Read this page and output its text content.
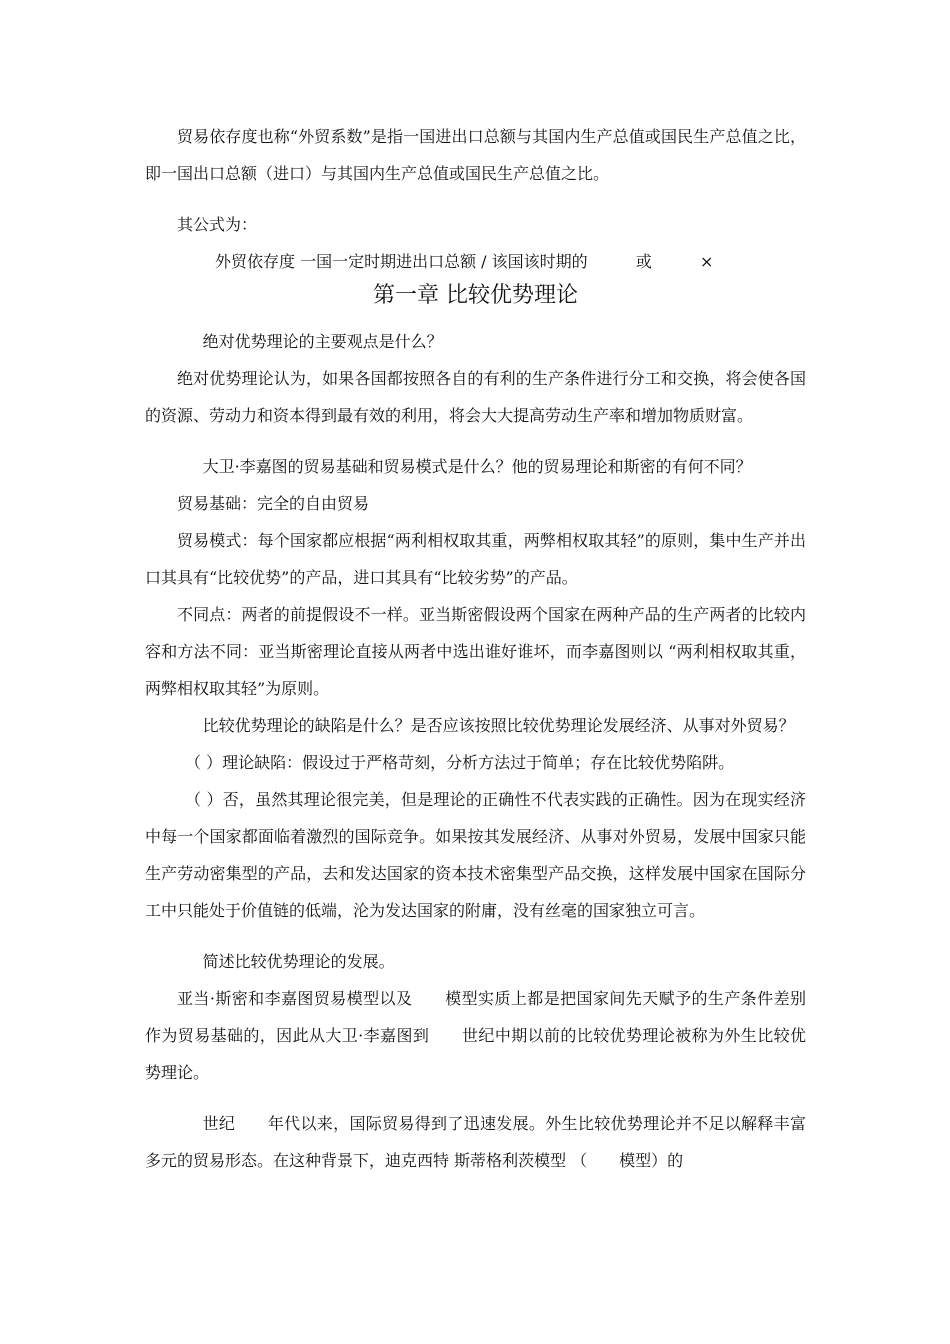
贸易依存度也称“外贸系数”是指一国进出口总额与其国内生产总值或国民生产总值之比，即一国出口总额（进口）与其国内生产总值或国民生产总值之比。

其公式为：

外贸依存度 一国一定时期进出口总额 / 该国该时期的	或	×

第一章 比较优势理论

绝对优势理论的主要观点是什么？

绝对优势理论认为，如果各国都按照各自的有利的生产条件进行分工和交换，将会使各国的资源、劳动力和资本得到最有效的利用，将会大大提高劳动生产率和增加物质财富。

大卫·李嘉图的贸易基础和贸易模式是什么？他的贸易理论和斯密的有何不同？

贸易基础：完全的自由贸易

贸易模式：每个国家都应根据“两利相权取其重，两弊相权取其轻”的原则，集中生产并出口其具有“比较优势”的产品，进口其具有“比较劣势”的产品。

不同点：两者的前提假设不一样。亚当斯密假设两个国家在两种产品的生产两者的比较内容和方法不同：亚当斯密理论直接从两者中选出谁好谁坏，而李嘉图则以 “两利相权取其重，两弊相权取其轻”为原则。

比较优势理论的缺陷是什么？是否应该按照比较优势理论发展经济、从事对外贸易？

（ ）理论缺陷：假设过于严格苛刻，分析方法过于简单；存在比较优势陷阱。

（ ）否，虽然其理论很完美，但是理论的正确性不代表实践的正确性。因为在现实经济中每一个国家都面临着激烈的国际竞争。如果按其发展经济、从事对外贸易，发展中国家只能生产劳动密集型的产品，去和发达国家的资本技术密集型产品交换，这样发展中国家在国际分工中只能处于价值链的低端，沦为发达国家的附庸，没有丝毫的国家独立可言。

简述比较优势理论的发展。

亚当·斯密和李嘉图贸易模型以及　　模型实质上都是把国家间先天赋予的生产条件差别作为贸易基础的，因此从大卫·李嘉图到　　世纪中期以前的比较优势理论被称为外生比较优势理论。

世纪　　年代以来，国际贸易得到了迅速发展。外生比较优势理论并不足以解释丰富多元的贸易形态。在这种背景下，迪克西特 斯蒂格利茨模型 （　　模型）的
